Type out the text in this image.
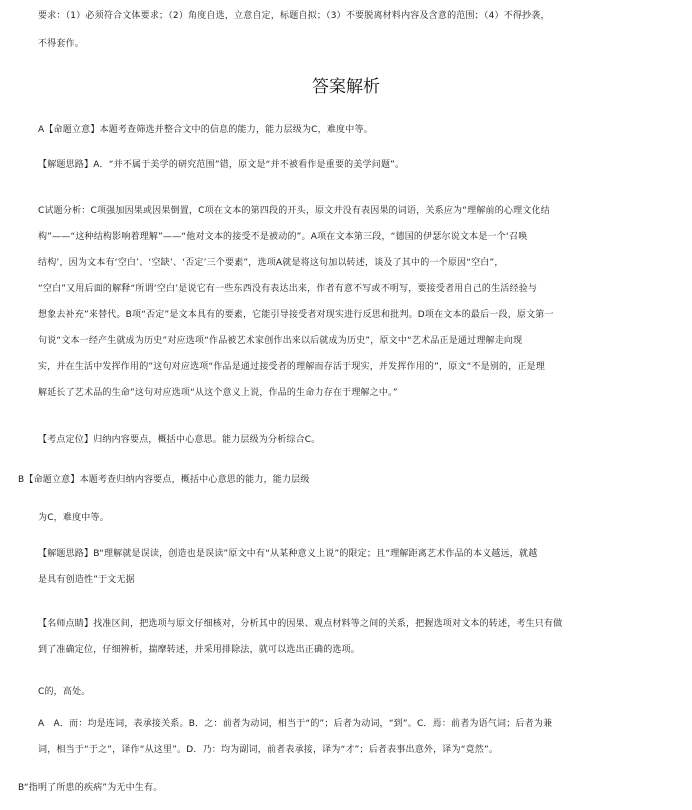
要求：（1）必须符合文体要求；（2）角度自选，立意自定，标题自拟；（3）不要脱离材料内容及含意的范围；（4）不得抄袭，
不得套作。
答案解析
A【命题立意】本题考查筛选并整合文中的信息的能力，能力层级为C，难度中等。
【解题思路】A．“并不属于美学的研究范围”错，原文是“并不被看作是重要的美学问题”。
C试题分析：C项强加因果或因果倒置，C项在文本的第四段的开头，原文并没有表因果的词语，关系应为“理解前的心理文化结
构”——“这种结构影响着理解”——“他对文本的接受不是被动的”。A项在文本第三段，“德国的伊瑟尔说文本是一个‘召唤
结构’，因为文本有‘空白’、‘空缺’、‘否定’三个要素”，选项A就是将这句加以转述，谈及了其中的一个原因“空白”，
“空白”又用后面的解释“所谓‘空白’是说它有一些东西没有表达出来，作者有意不写或不明写，要接受者用自己的生活经验与
想象去补充”来替代。B项“否定”是文本具有的要素，它能引导接受者对现实进行反思和批判。D项在文本的最后一段，原文第一
句说“文本一经产生就成为历史”对应选项“作品被艺术家创作出来以后就成为历史”，原文中“艺术品正是通过理解走向现
实，并在生活中发挥作用的”这句对应选项“作品是通过接受者的理解而存活于现实，并发挥作用的”，原文“不是别的，正是理
解延长了艺术品的生命”这句对应选项“从这个意义上说，作品的生命力存在于理解之中。”
【考点定位】归纳内容要点，概括中心意思。能力层级为分析综合C。
B【命题立意】本题考查归纳内容要点，概括中心意思的能力，能力层级
为C，难度中等。
【解题思路】B“理解就是误读，创造也是误读”原文中有“从某种意义上说”的限定；且“理解距离艺术作品的本义越远，就越
是具有创造性”于文无据
【名师点睛】找准区间，把选项与原文仔细核对，分析其中的因果、观点材料等之间的关系，把握选项对文本的转述，考生只有做
到了准确定位，仔细辨析，揣摩转述，并采用排除法，就可以选出正确的选项。
C的，高处。
A　A．而：均是连词，表承接关系。B．之：前者为动词，相当于“的”；后者为动词，“到”。C．焉：前者为语气词；后者为兼
词，相当于“于之”，译作“从这里”。D．乃：均为副词，前者表承接，译为“才”；后者表事出意外，译为“竟然”。
B“指明了所患的疾病”为无中生有。
